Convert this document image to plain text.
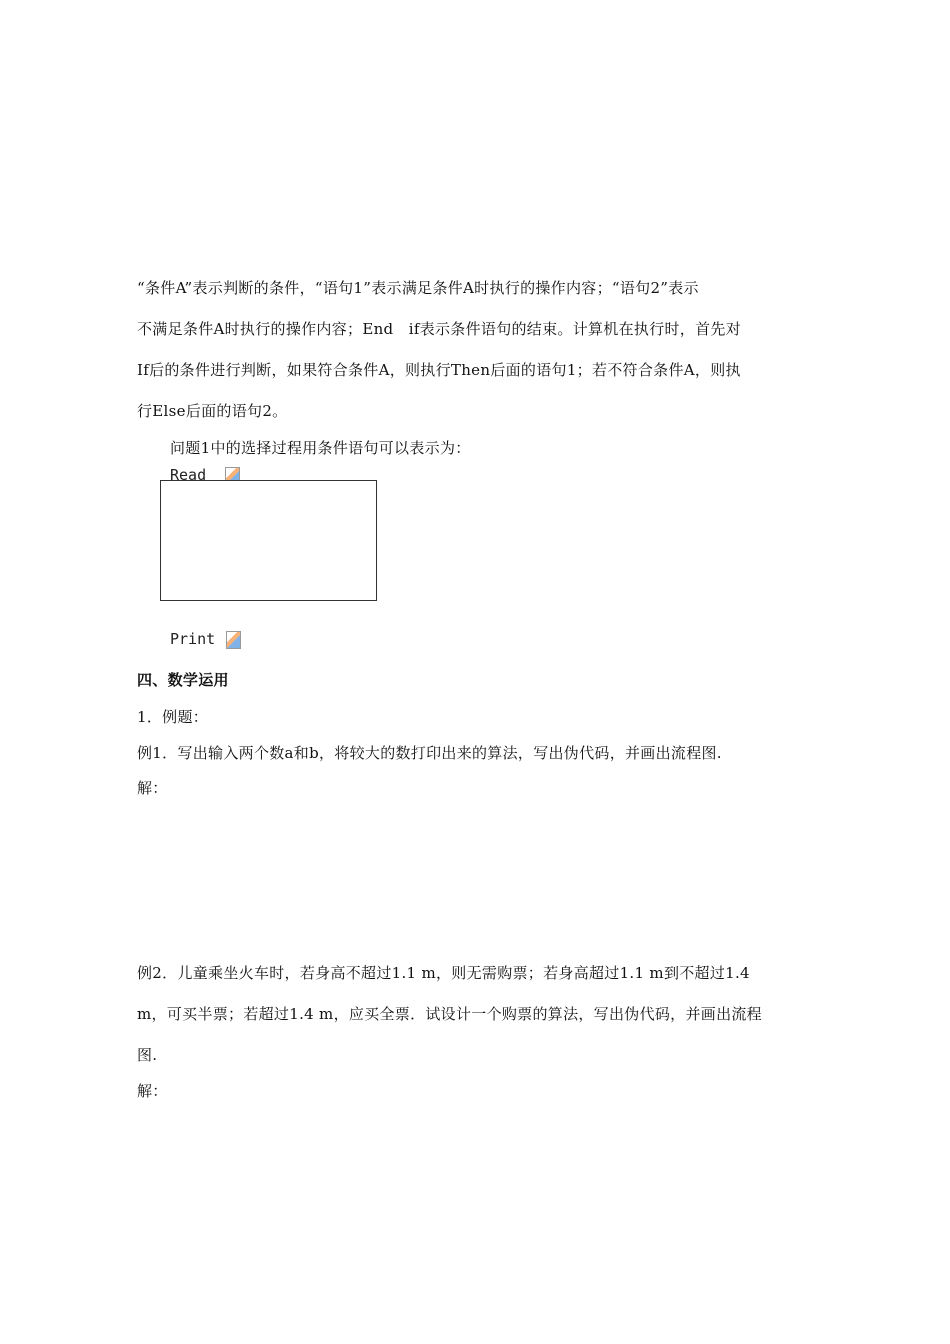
“条件A”表示判断的条件，“语句1”表示满足条件A时执行的操作内容；“语句2”表示
不满足条件A时执行的操作内容；End　if表示条件语句的结束。计算机在执行时，首先对
If后的条件进行判断，如果符合条件A，则执行Then后面的语句1；若不符合条件A，则执
行Else后面的语句2。
问题1中的选择过程用条件语句可以表示为：
Read
Print
四、数学运用
1．例题：
例1．写出输入两个数a和b，将较大的数打印出来的算法，写出伪代码，并画出流程图.
解：
例2．儿童乘坐火车时，若身高不超过1.1 m，则无需购票；若身高超过1.1 m到不超过1.4
m，可买半票；若超过1.4 m，应买全票．试设计一个购票的算法，写出伪代码，并画出流程
图.
解：
